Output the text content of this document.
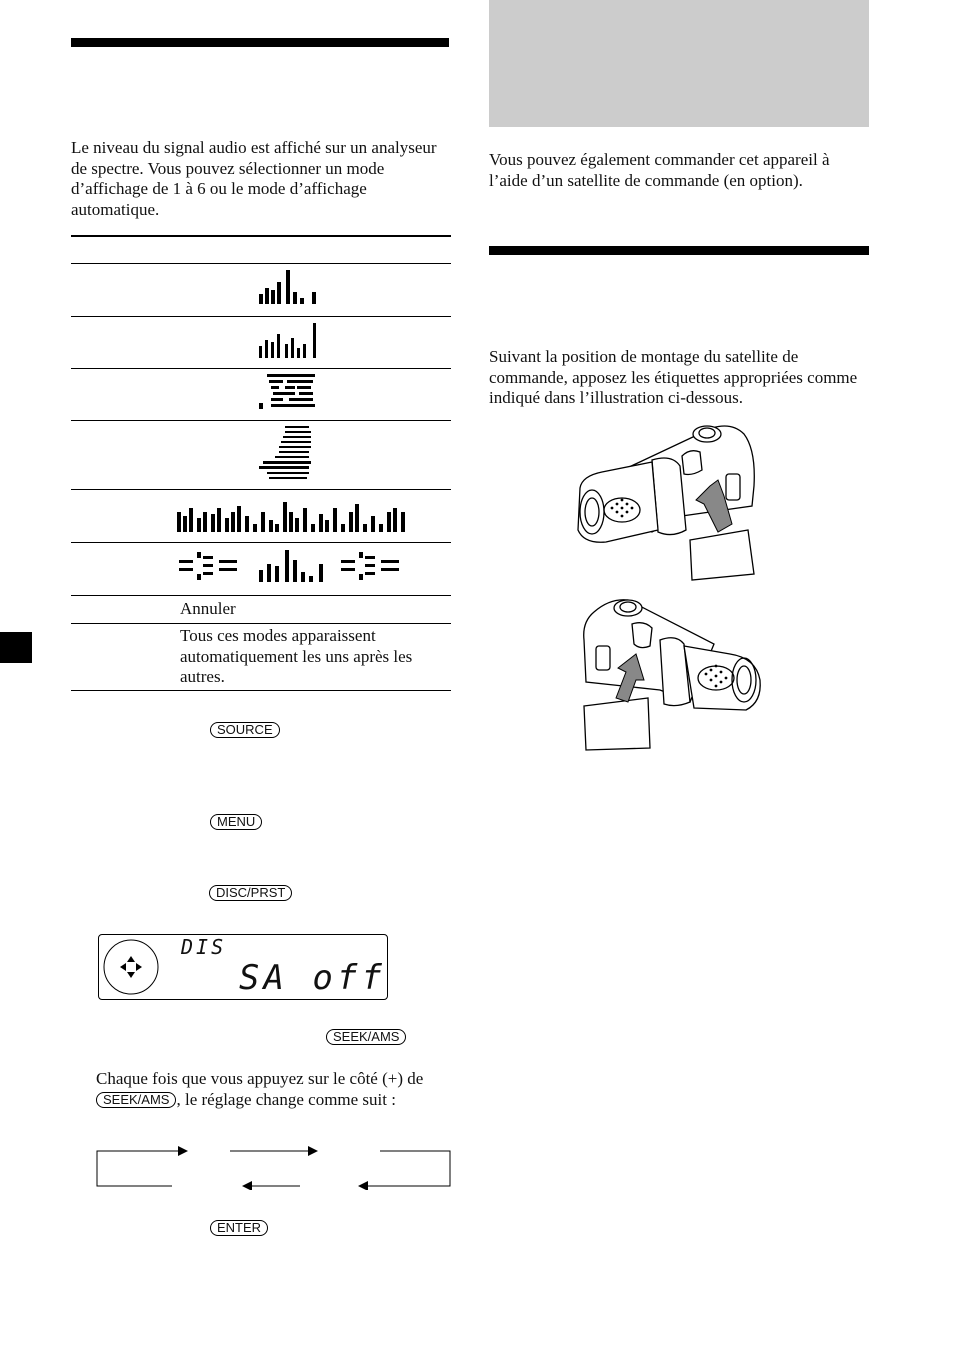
Le niveau du signal audio est affiché sur un analyseur de spectre. Vous pouvez sélectionner un mode d’affichage de 1 à 6 ou le mode d’affichage automatique.
Annuler
Tous ces modes apparaissent automatiquement les uns après les autres.
SOURCE
MENU
DISC/PRST
DIS
SA off
SEEK/AMS
Chaque fois que vous appuyez sur le côté (+) de SEEK/AMS , le réglage change comme suit :
ENTER
Vous pouvez également commander cet appareil à l’aide d’un satellite de commande (en option).
Suivant la position de montage du satellite de commande, apposez les étiquettes appropriées comme indiqué dans l’illustration ci-dessous.
